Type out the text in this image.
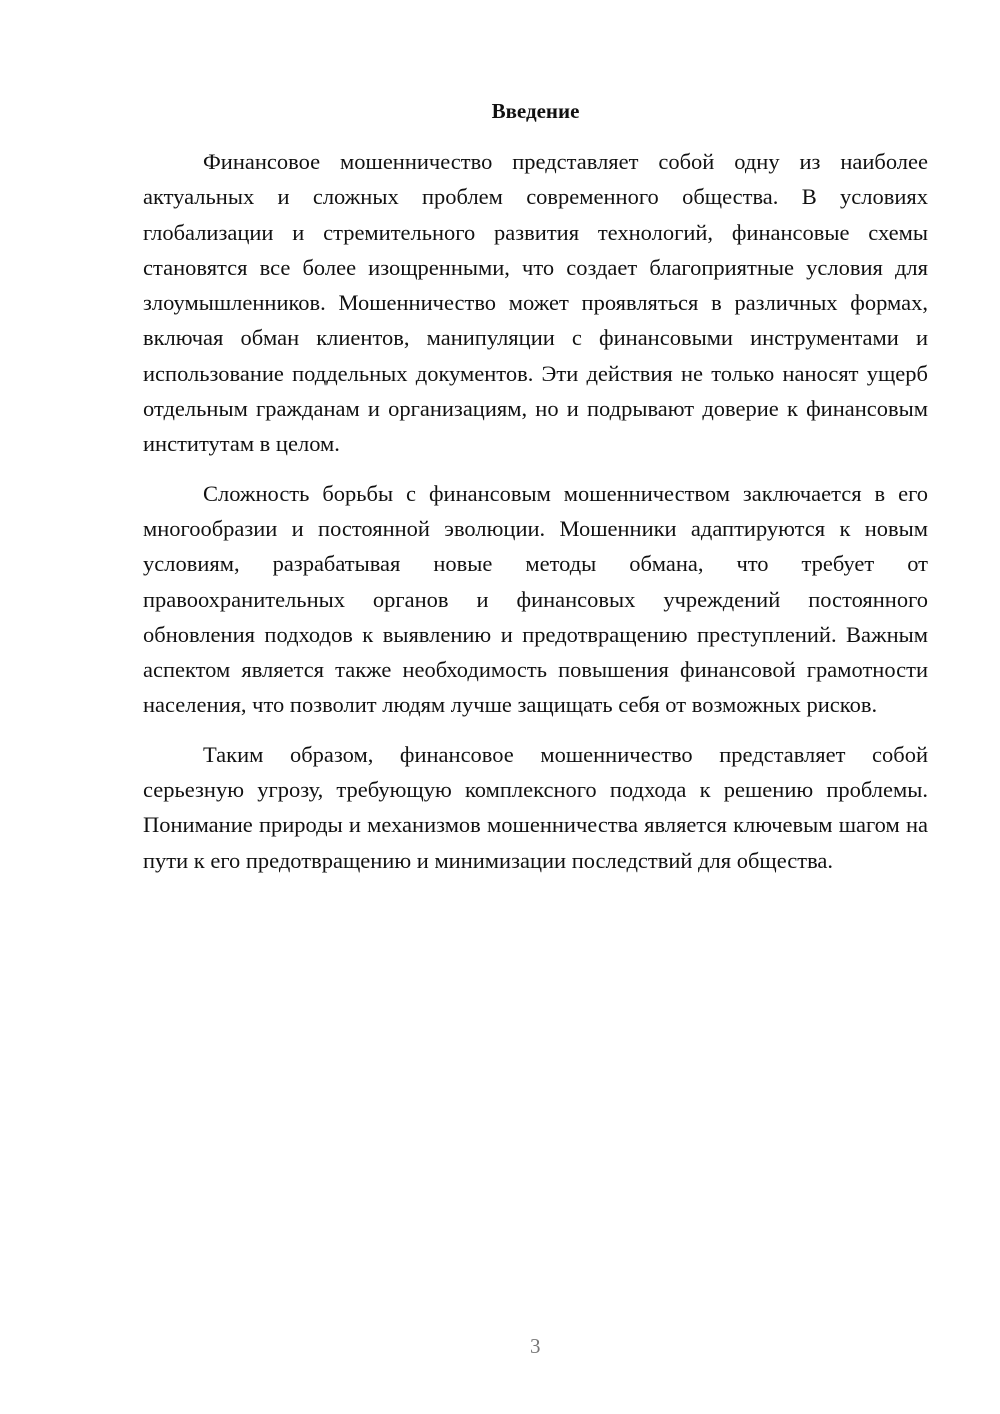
Введение

Финансовое мошенничество представляет собой одну из наиболее актуальных и сложных проблем современного общества. В условиях глобализации и стремительного развития технологий, финансовые схемы становятся все более изощренными, что создает благоприятные условия для злоумышленников. Мошенничество может проявляться в различных формах, включая обман клиентов, манипуляции с финансовыми инструментами и использование поддельных документов. Эти действия не только наносят ущерб отдельным гражданам и организациям, но и подрывают доверие к финансовым институтам в целом.

Сложность борьбы с финансовым мошенничеством заключается в его многообразии и постоянной эволюции. Мошенники адаптируются к новым условиям, разрабатывая новые методы обмана, что требует от правоохранительных органов и финансовых учреждений постоянного обновления подходов к выявлению и предотвращению преступлений. Важным аспектом является также необходимость повышения финансовой грамотности населения, что позволит людям лучше защищать себя от возможных рисков.

Таким образом, финансовое мошенничество представляет собой серьезную угрозу, требующую комплексного подхода к решению проблемы. Понимание природы и механизмов мошенничества является ключевым шагом на пути к его предотвращению и минимизации последствий для общества.

3
